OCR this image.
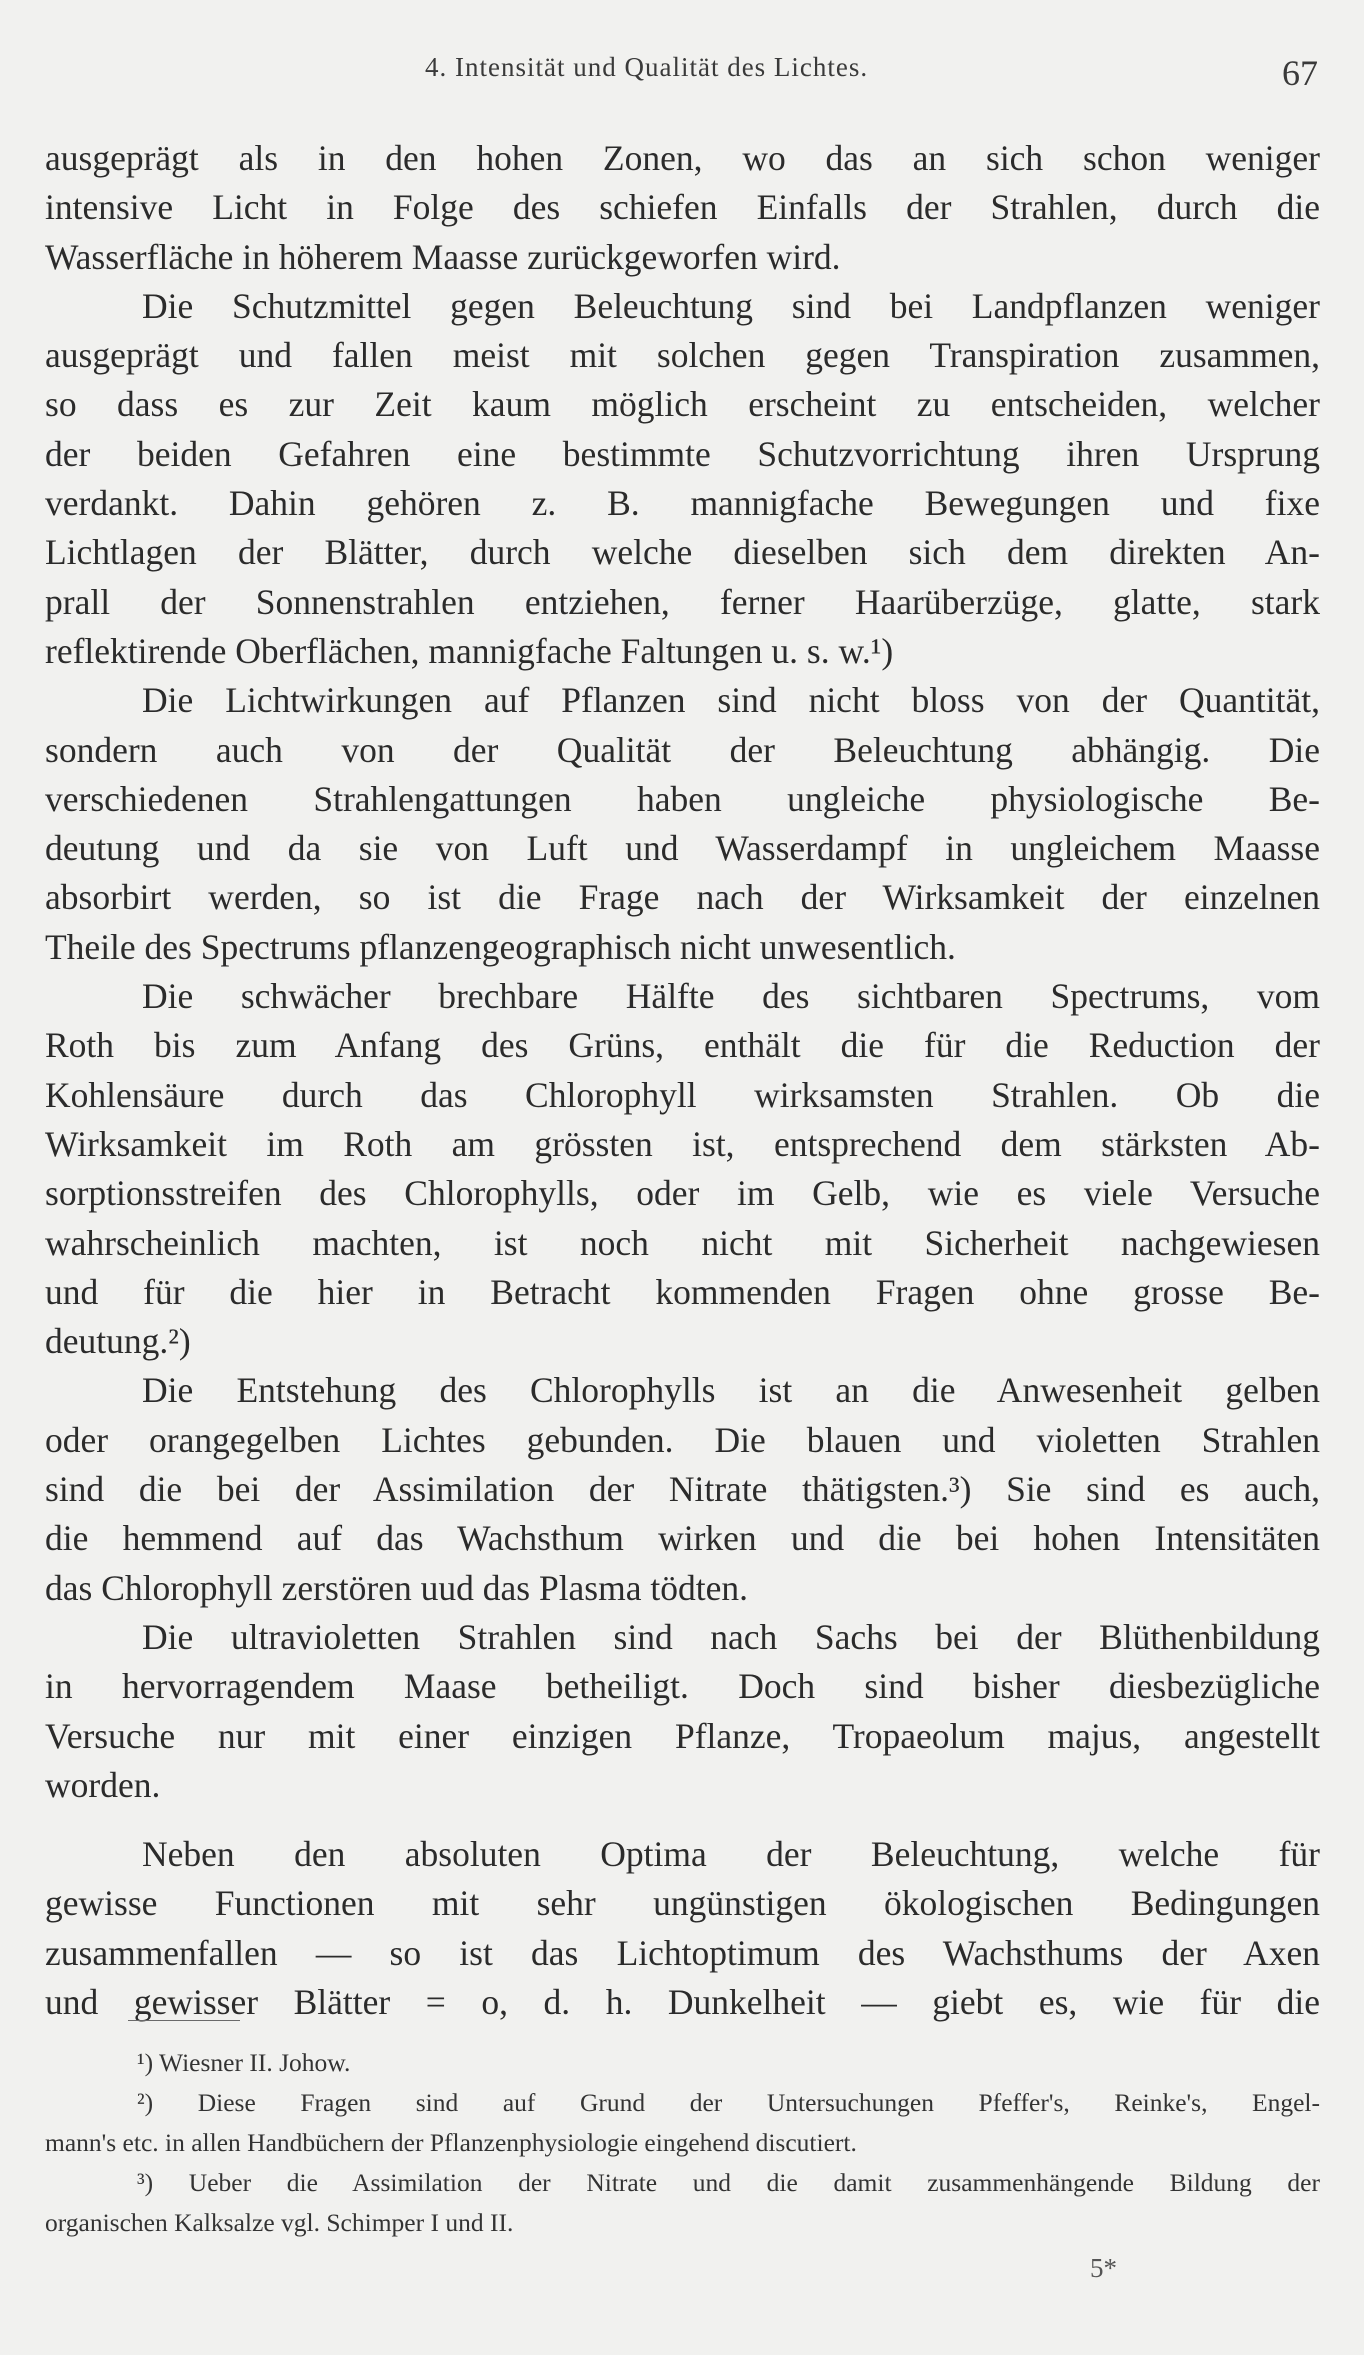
4. Intensität und Qualität des Lichtes.	67
ausgeprägt als in den hohen Zonen, wo das an sich schon weniger
intensive Licht in Folge des schiefen Einfalls der Strahlen, durch die
Wasserfläche in höherem Maasse zurückgeworfen wird.
Die Schutzmittel gegen Beleuchtung sind bei Landpflanzen weniger
ausgeprägt und fallen meist mit solchen gegen Transpiration zusammen,
so dass es zur Zeit kaum möglich erscheint zu entscheiden, welcher
der beiden Gefahren eine bestimmte Schutzvorrichtung ihren Ursprung
verdankt. Dahin gehören z. B. mannigfache Bewegungen und fixe
Lichtlagen der Blätter, durch welche dieselben sich dem direkten An-
prall der Sonnenstrahlen entziehen, ferner Haarüberzüge, glatte, stark
reflektirende Oberflächen, mannigfache Faltungen u. s. w.¹)
Die Lichtwirkungen auf Pflanzen sind nicht bloss von der Quantität,
sondern auch von der Qualität der Beleuchtung abhängig. Die
verschiedenen Strahlengattungen haben ungleiche physiologische Be-
deutung und da sie von Luft und Wasserdampf in ungleichem Maasse
absorbirt werden, so ist die Frage nach der Wirksamkeit der einzelnen
Theile des Spectrums pflanzengeographisch nicht unwesentlich.
Die schwächer brechbare Hälfte des sichtbaren Spectrums, vom
Roth bis zum Anfang des Grüns, enthält die für die Reduction der
Kohlensäure durch das Chlorophyll wirksamsten Strahlen. Ob die
Wirksamkeit im Roth am grössten ist, entsprechend dem stärksten Ab-
sorptionsstreifen des Chlorophylls, oder im Gelb, wie es viele Versuche
wahrscheinlich machten, ist noch nicht mit Sicherheit nachgewiesen
und für die hier in Betracht kommenden Fragen ohne grosse Be-
deutung.²)
Die Entstehung des Chlorophylls ist an die Anwesenheit gelben
oder orangegelben Lichtes gebunden. Die blauen und violetten Strahlen
sind die bei der Assimilation der Nitrate thätigsten.³) Sie sind es auch,
die hemmend auf das Wachsthum wirken und die bei hohen Intensitäten
das Chlorophyll zerstören uud das Plasma tödten.
Die ultravioletten Strahlen sind nach Sachs bei der Blüthenbildung
in hervorragendem Maase betheiligt. Doch sind bisher diesbezügliche
Versuche nur mit einer einzigen Pflanze, Tropaeolum majus, angestellt
worden.
Neben den absoluten Optima der Beleuchtung, welche für
gewisse Functionen mit sehr ungünstigen ökologischen Bedingungen
zusammenfallen — so ist das Lichtoptimum des Wachsthums der Axen
und gewisser Blätter = o, d. h. Dunkelheit — giebt es, wie für die
¹) Wiesner II. Johow.
²) Diese Fragen sind auf Grund der Untersuchungen Pfeffer's, Reinke's, Engel-
mann's etc. in allen Handbüchern der Pflanzenphysiologie eingehend discutiert.
³) Ueber die Assimilation der Nitrate und die damit zusammenhängende Bildung der
organischen Kalksalze vgl. Schimper I und II.
5*
